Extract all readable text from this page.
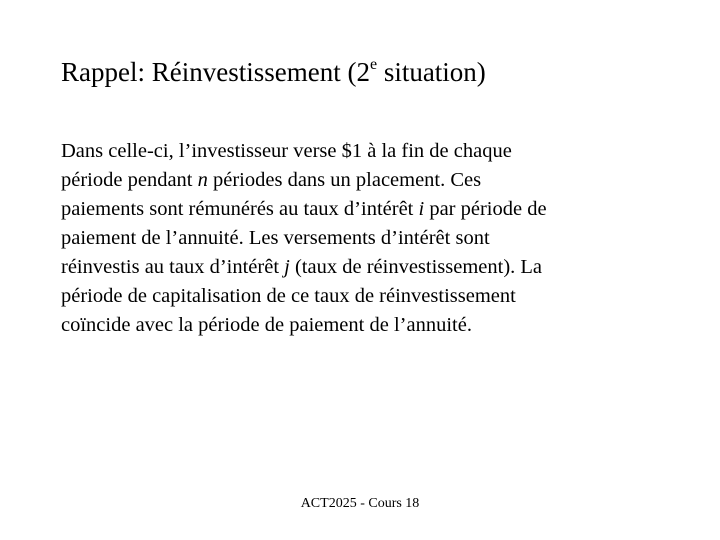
Rappel: Réinvestissement (2e situation)
Dans celle-ci, l’investisseur verse $1 à la fin de chaque
période pendant n périodes dans un placement. Ces
paiements sont rémunérés au taux d’intérêt i par période de
paiement de l’annuité. Les versements d’intérêt sont
réinvestis au taux d’intérêt j (taux de réinvestissement). La
période de capitalisation de ce taux de réinvestissement
coïncide avec la période de paiement de l’annuité.
ACT2025 - Cours 18
